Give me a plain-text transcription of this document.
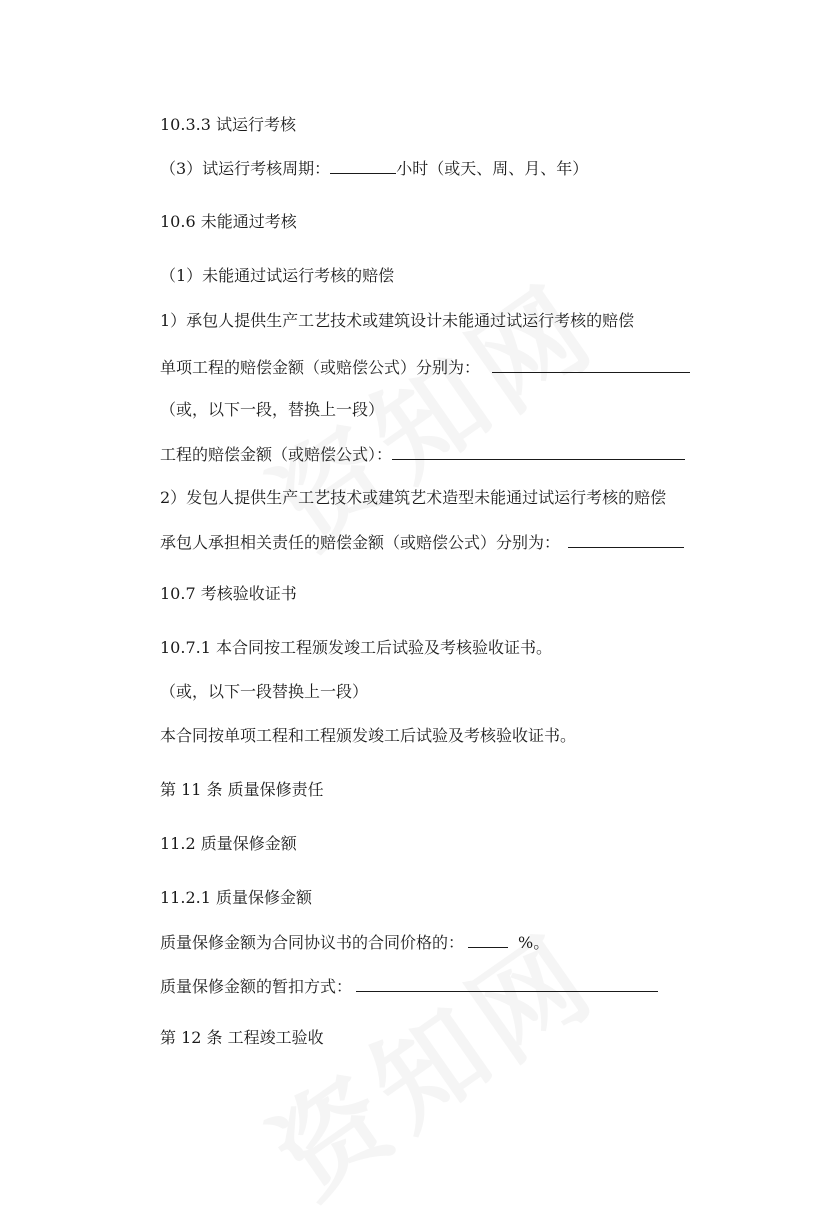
10.3.3 试运行考核
（3）试运行考核周期：	小时（或天、周、月、年）
10.6 未能通过考核
（1）未能通过试运行考核的赔偿
1）承包人提供生产工艺技术或建筑设计未能通过试运行考核的赔偿
单项工程的赔偿金额（或赔偿公式）分别为：
（或，以下一段，替换上一段）
工程的赔偿金额（或赔偿公式）：
2）发包人提供生产工艺技术或建筑艺术造型未能通过试运行考核的赔偿
承包人承担相关责任的赔偿金额（或赔偿公式）分别为：
10.7 考核验收证书
10.7.1 本合同按工程颁发竣工后试验及考核验收证书。
（或，以下一段替换上一段）
本合同按单项工程和工程颁发竣工后试验及考核验收证书。
第 11 条 质量保修责任
11.2 质量保修金额
11.2.1 质量保修金额
质量保修金额为合同协议书的合同价格的：	%。
质量保修金额的暂扣方式：
第 12 条 工程竣工验收
